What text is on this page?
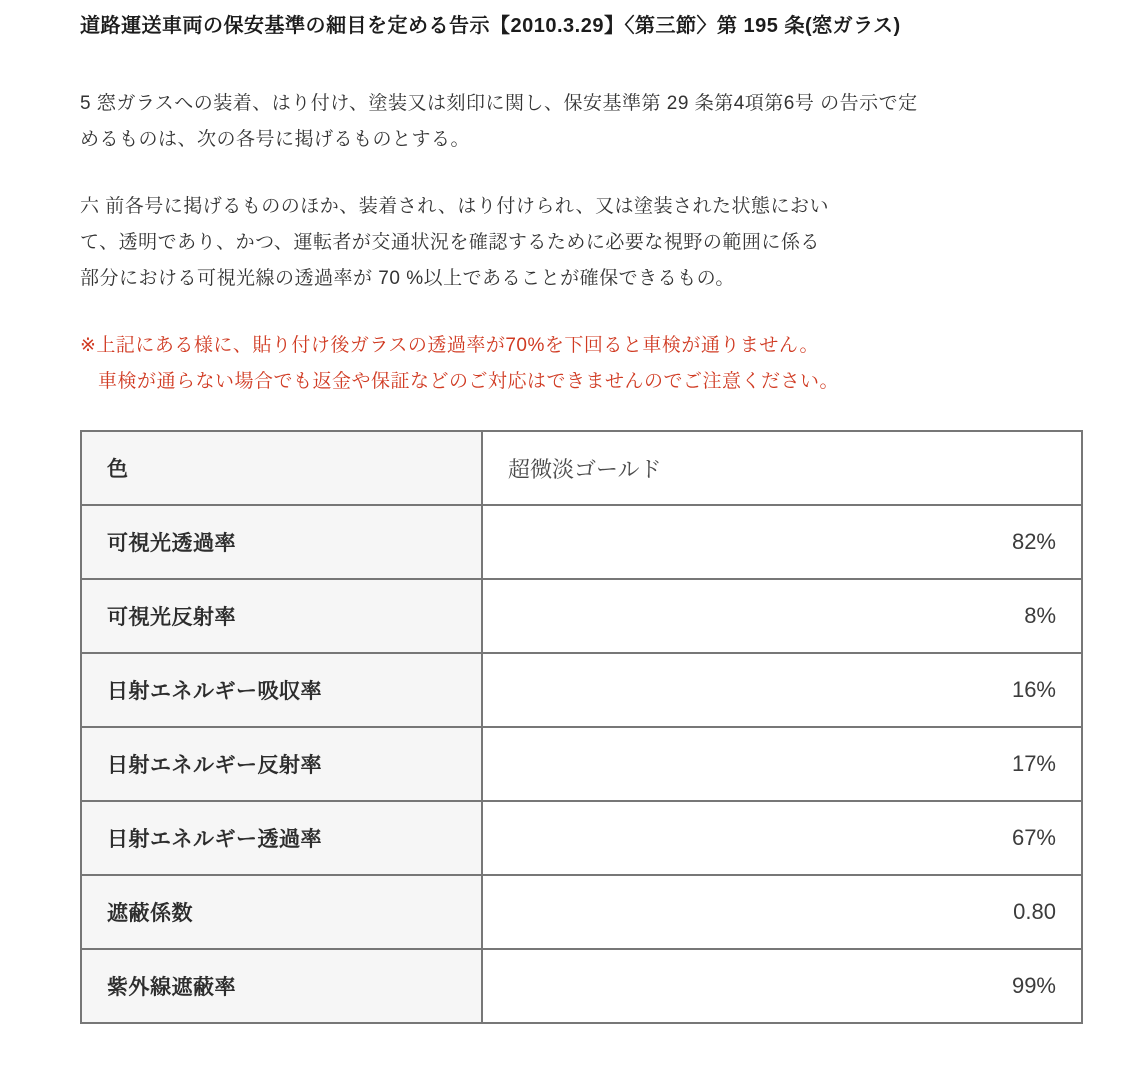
道路運送車両の保安基準の細目を定める告示【2010.3.29】〈第三節〉第 195 条(窓ガラス)

5 窓ガラスへの装着、はり付け、塗装又は刻印に関し、保安基準第 29 条第4項第6号 の告示で定
めるものは、次の各号に掲げるものとする。

六 前各号に掲げるもののほか、装着され、はり付けられ、又は塗装された状態におい
て、透明であり、かつ、運転者が交通状況を確認するために必要な視野の範囲に係る
部分における可視光線の透過率が 70 %以上であることが確保できるもの。

※上記にある様に、貼り付け後ガラスの透過率が70%を下回ると車検が通りません。
車検が通らない場合でも返金や保証などのご対応はできませんのでご注意ください。

色	超微淡ゴールド
可視光透過率	82%
可視光反射率	8%
日射エネルギー吸収率	16%
日射エネルギー反射率	17%
日射エネルギー透過率	67%
遮蔽係数	0.80
紫外線遮蔽率	99%
